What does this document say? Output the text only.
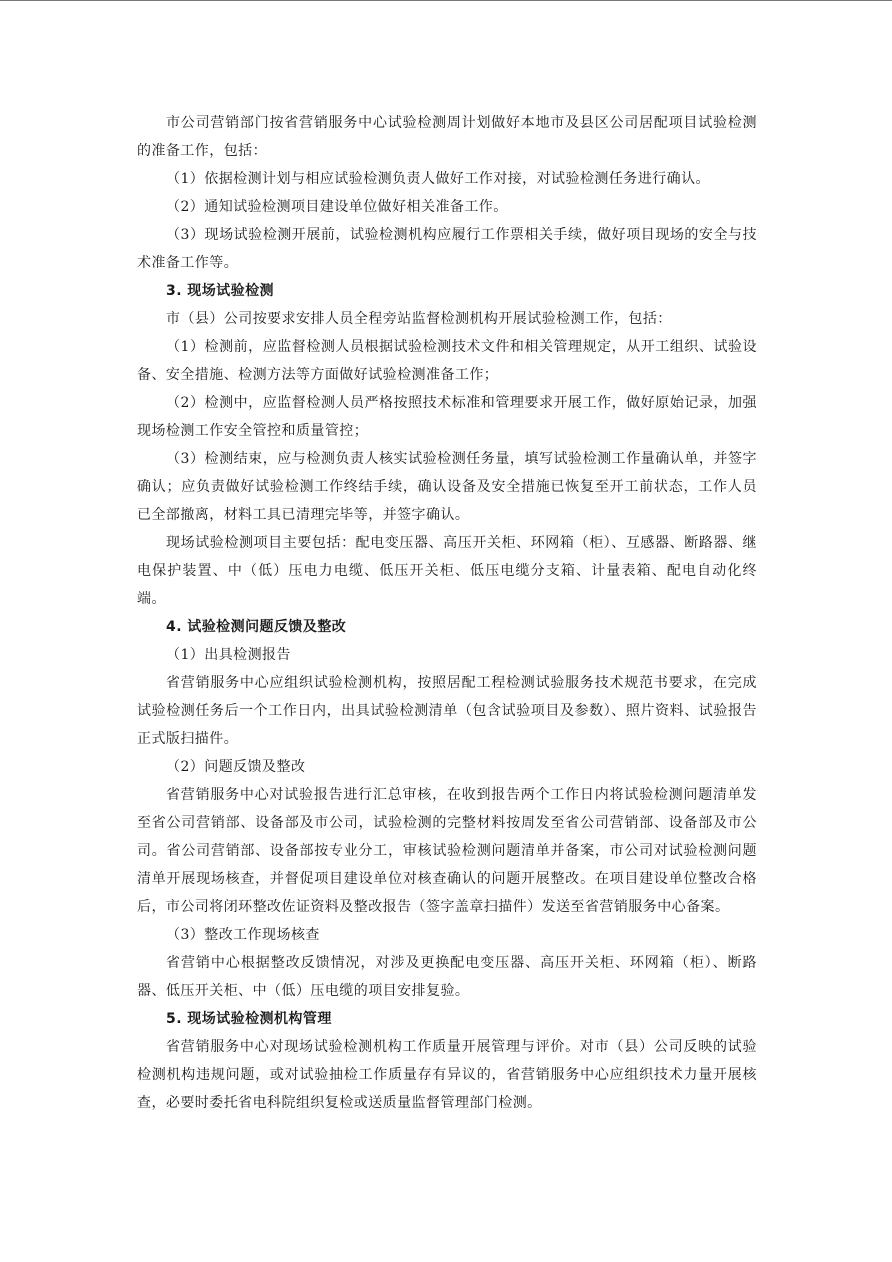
市公司营销部门按省营销服务中心试验检测周计划做好本地市及县区公司居配项目试验检测的准备工作，包括：

（1）依据检测计划与相应试验检测负责人做好工作对接，对试验检测任务进行确认。

（2）通知试验检测项目建设单位做好相关准备工作。

（3）现场试验检测开展前，试验检测机构应履行工作票相关手续，做好项目现场的安全与技术准备工作等。

3. 现场试验检测

市（县）公司按要求安排人员全程旁站监督检测机构开展试验检测工作，包括：

（1）检测前，应监督检测人员根据试验检测技术文件和相关管理规定，从开工组织、试验设备、安全措施、检测方法等方面做好试验检测准备工作；

（2）检测中，应监督检测人员严格按照技术标准和管理要求开展工作，做好原始记录，加强现场检测工作安全管控和质量管控；

（3）检测结束，应与检测负责人核实试验检测任务量，填写试验检测工作量确认单，并签字确认；应负责做好试验检测工作终结手续，确认设备及安全措施已恢复至开工前状态，工作人员已全部撤离，材料工具已清理完毕等，并签字确认。

现场试验检测项目主要包括：配电变压器、高压开关柜、环网箱（柜）、互感器、断路器、继电保护装置、中（低）压电力电缆、低压开关柜、低压电缆分支箱、计量表箱、配电自动化终端。

4. 试验检测问题反馈及整改

（1）出具检测报告

省营销服务中心应组织试验检测机构，按照居配工程检测试验服务技术规范书要求，在完成试验检测任务后一个工作日内，出具试验检测清单（包含试验项目及参数）、照片资料、试验报告正式版扫描件。

（2）问题反馈及整改

省营销服务中心对试验报告进行汇总审核，在收到报告两个工作日内将试验检测问题清单发至省公司营销部、设备部及市公司，试验检测的完整材料按周发至省公司营销部、设备部及市公司。省公司营销部、设备部按专业分工，审核试验检测问题清单并备案，市公司对试验检测问题清单开展现场核查，并督促项目建设单位对核查确认的问题开展整改。在项目建设单位整改合格后，市公司将闭环整改佐证资料及整改报告（签字盖章扫描件）发送至省营销服务中心备案。

（3）整改工作现场核查

省营销中心根据整改反馈情况，对涉及更换配电变压器、高压开关柜、环网箱（柜）、断路器、低压开关柜、中（低）压电缆的项目安排复验。

5. 现场试验检测机构管理

省营销服务中心对现场试验检测机构工作质量开展管理与评价。对市（县）公司反映的试验检测机构违规问题，或对试验抽检工作质量存有异议的，省营销服务中心应组织技术力量开展核查，必要时委托省电科院组织复检或送质量监督管理部门检测。
